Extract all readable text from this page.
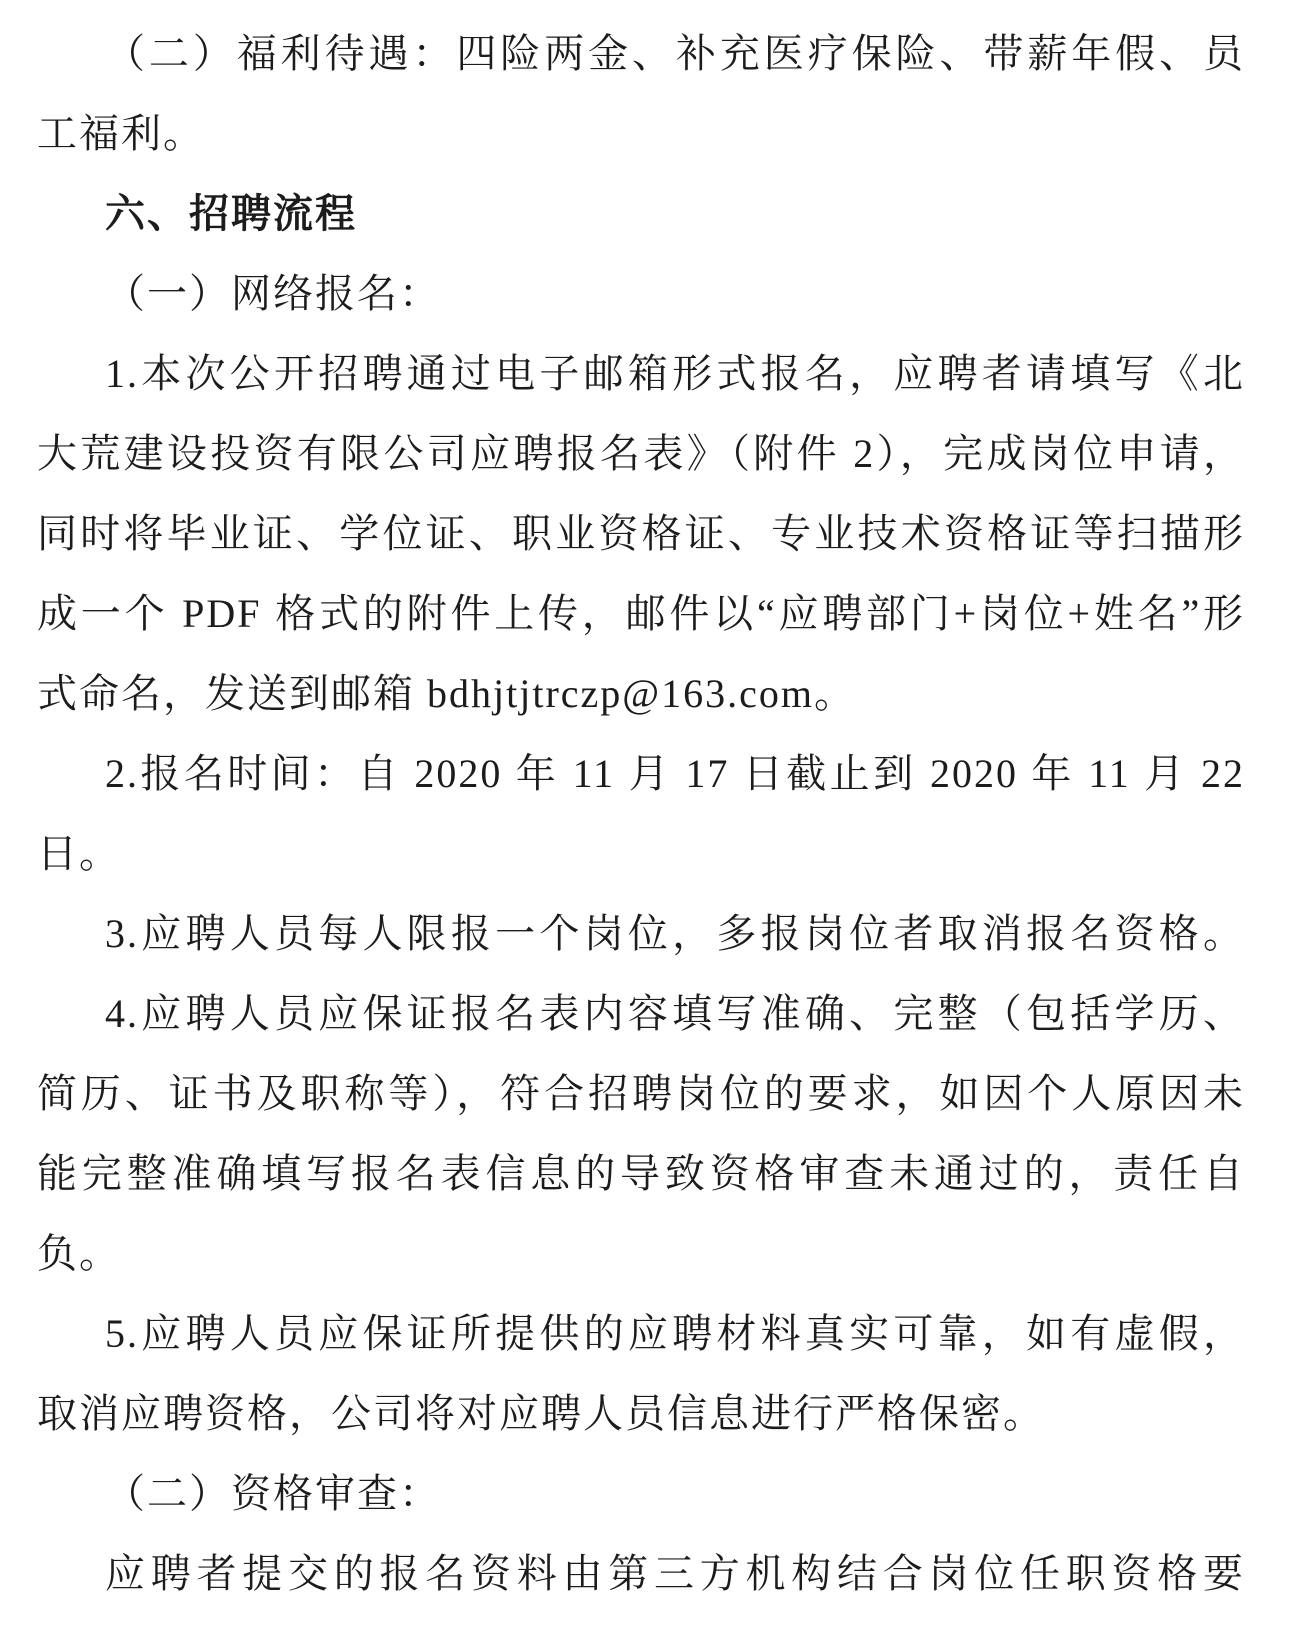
（二）福利待遇：四险两金、补充医疗保险、带薪年假、员
工福利。
六、招聘流程
（一）网络报名：
1.本次公开招聘通过电子邮箱形式报名，应聘者请填写《北
大荒建设投资有限公司应聘报名表》（附件 2），完成岗位申请，
同时将毕业证、学位证、职业资格证、专业技术资格证等扫描形
成一个 PDF 格式的附件上传，邮件以“应聘部门+岗位+姓名”形
式命名，发送到邮箱 bdhjtjtrczp@163.com。
2.报名时间：自 2020 年 11 月 17 日截止到 2020 年 11 月 22
日。
3.应聘人员每人限报一个岗位，多报岗位者取消报名资格。
4.应聘人员应保证报名表内容填写准确、完整（包括学历、
简历、证书及职称等），符合招聘岗位的要求，如因个人原因未
能完整准确填写报名表信息的导致资格审查未通过的，责任自
负。
5.应聘人员应保证所提供的应聘材料真实可靠，如有虚假，
取消应聘资格，公司将对应聘人员信息进行严格保密。
（二）资格审查：
应聘者提交的报名资料由第三方机构结合岗位任职资格要
